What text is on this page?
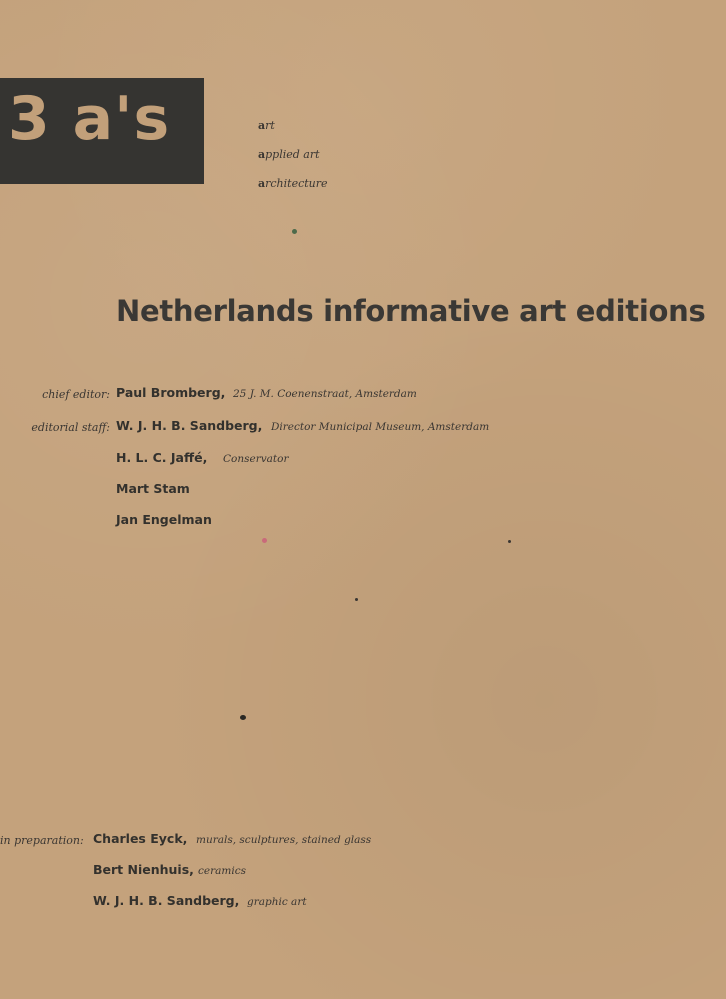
3 a's	art
applied art
architecture
Netherlands informative art editions
chief editor: Paul Bromberg, 25 J. M. Coenenstraat, Amsterdam
editorial staff: W. J. H. B. Sandberg, Director Municipal Museum, Amsterdam
H. L. C. Jaffé, Conservator
Mart Stam
Jan Engelman
in preparation: Charles Eyck, murals, sculptures, stained glass
Bert Nienhuis, ceramics
W. J. H. B. Sandberg, graphic art
